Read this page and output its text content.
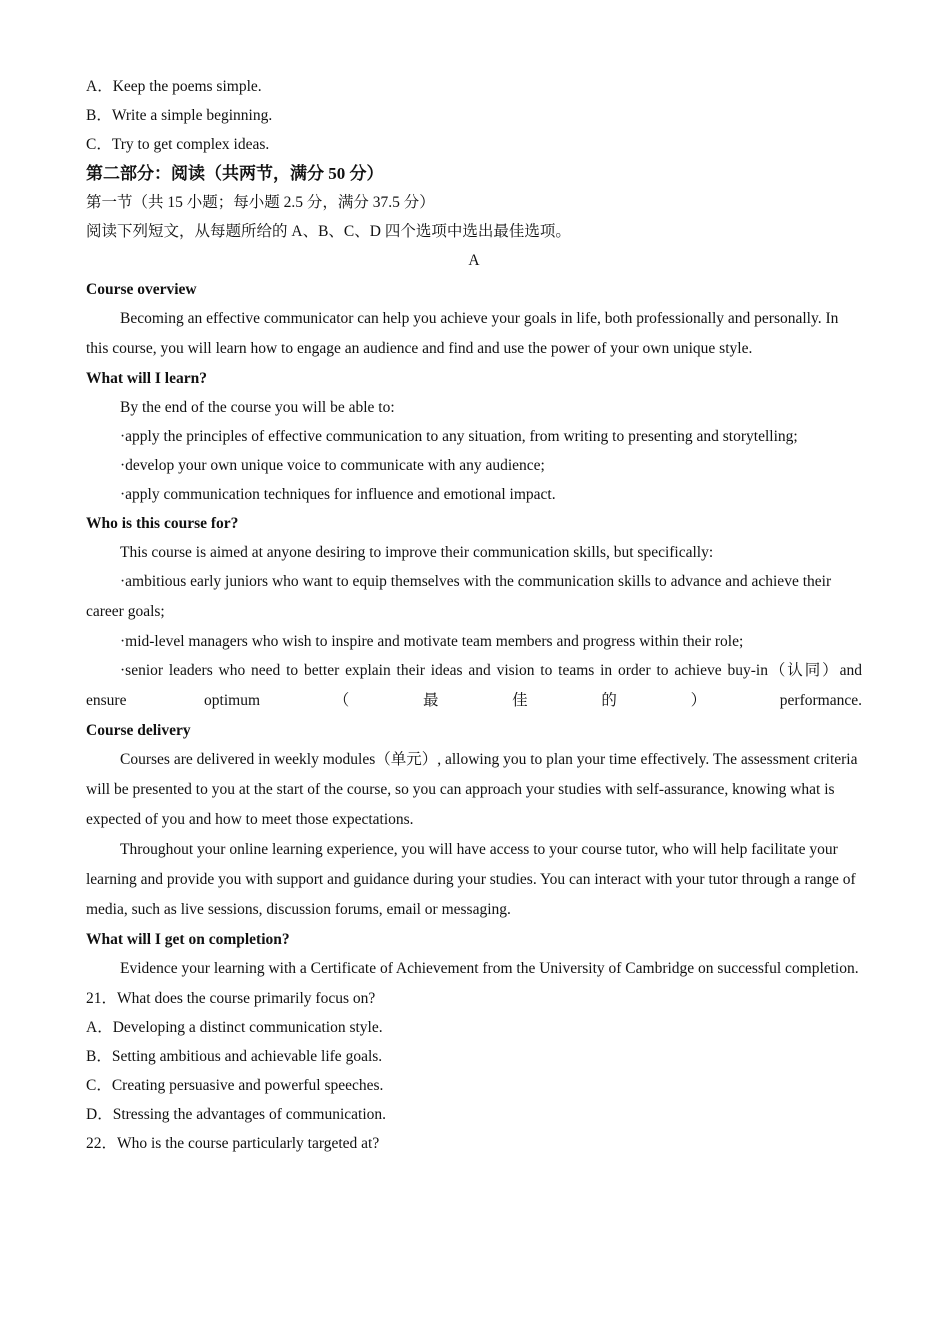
A．Keep the poems simple.
B．Write a simple beginning.
C．Try to get complex ideas.
第二部分：阅读（共两节，满分 50 分）
第一节（共 15 小题；每小题 2.5 分，满分 37.5 分）
阅读下列短文，从每题所给的 A、B、C、D 四个选项中选出最佳选项。
A
Course overview
Becoming an effective communicator can help you achieve your goals in life, both professionally and personally. In this course, you will learn how to engage an audience and find and use the power of your own unique style.
What will I learn?
By the end of the course you will be able to:
·apply the principles of effective communication to any situation, from writing to presenting and storytelling;
·develop your own unique voice to communicate with any audience;
·apply communication techniques for influence and emotional impact.
Who is this course for?
This course is aimed at anyone desiring to improve their communication skills, but specifically:
·ambitious early juniors who want to equip themselves with the communication skills to advance and achieve their career goals;
·mid-level managers who wish to inspire and motivate team members and progress within their role;
·senior leaders who need to better explain their ideas and vision to teams in order to achieve buy-in（认同）and ensure optimum（最佳的）performance.
Course delivery
Courses are delivered in weekly modules（单元）, allowing you to plan your time effectively. The assessment criteria will be presented to you at the start of the course, so you can approach your studies with self-assurance, knowing what is expected of you and how to meet those expectations.
Throughout your online learning experience, you will have access to your course tutor, who will help facilitate your learning and provide you with support and guidance during your studies. You can interact with your tutor through a range of media, such as live sessions, discussion forums, email or messaging.
What will I get on completion?
Evidence your learning with a Certificate of Achievement from the University of Cambridge on successful completion.
21．What does the course primarily focus on?
A．Developing a distinct communication style.
B．Setting ambitious and achievable life goals.
C．Creating persuasive and powerful speeches.
D．Stressing the advantages of communication.
22．Who is the course particularly targeted at?
